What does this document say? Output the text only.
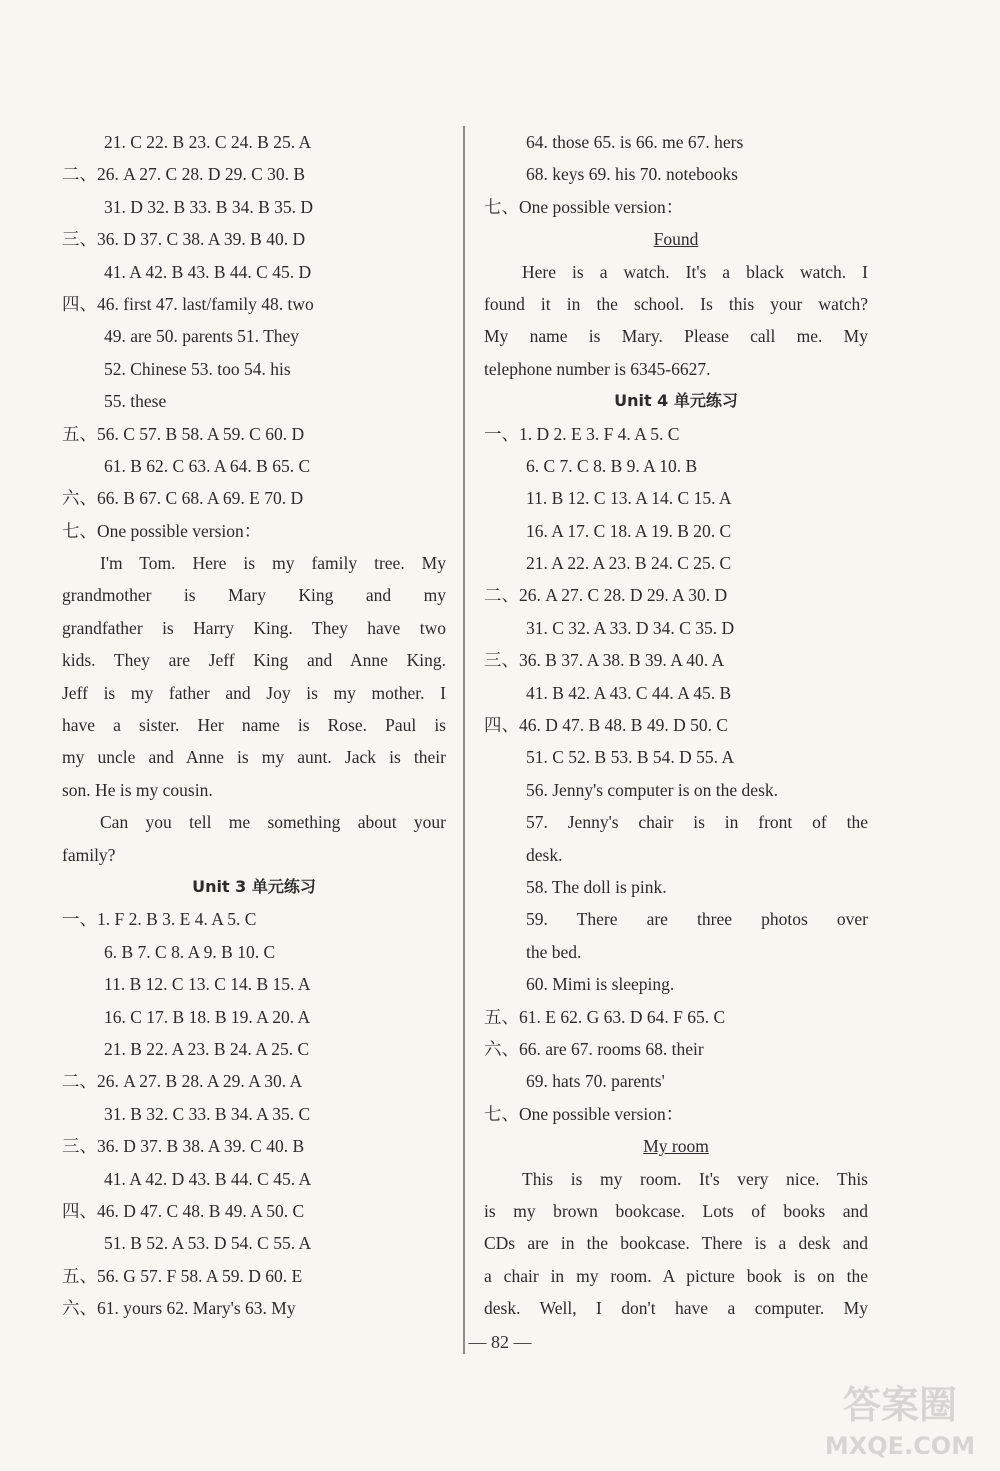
21. C 22. B 23. C 24. B 25. A
二、26. A 27. C 28. D 29. C 30. B
31. D 32. B 33. B 34. B 35. D
三、36. D 37. C 38. A 39. B 40. D
41. A 42. B 43. B 44. C 45. D
四、46. first 47. last/family 48. two
49. are 50. parents 51. They
52. Chinese 53. too 54. his
55. these
五、56. C 57. B 58. A 59. C 60. D
61. B 62. C 63. A 64. B 65. C
六、66. B 67. C 68. A 69. E 70. D
七、One possible version：
I'm Tom. Here is my family tree. My
grandmother is Mary King and my
grandfather is Harry King. They have two
kids. They are Jeff King and Anne King.
Jeff is my father and Joy is my mother. I
have a sister. Her name is Rose. Paul is
my uncle and Anne is my aunt. Jack is their
son. He is my cousin.
Can you tell me something about your
family?
Unit 3 单元练习
一、1. F 2. B 3. E 4. A 5. C
6. B 7. C 8. A 9. B 10. C
11. B 12. C 13. C 14. B 15. A
16. C 17. B 18. B 19. A 20. A
21. B 22. A 23. B 24. A 25. C
二、26. A 27. B 28. A 29. A 30. A
31. B 32. C 33. B 34. A 35. C
三、36. D 37. B 38. A 39. C 40. B
41. A 42. D 43. B 44. C 45. A
四、46. D 47. C 48. B 49. A 50. C
51. B 52. A 53. D 54. C 55. A
五、56. G 57. F 58. A 59. D 60. E
六、61. yours 62. Mary's 63. My
64. those 65. is 66. me 67. hers
68. keys 69. his 70. notebooks
七、One possible version：
Found
Here is a watch. It's a black watch. I
found it in the school. Is this your watch?
My name is Mary. Please call me. My
telephone number is 6345-6627.
Unit 4 单元练习
一、1. D 2. E 3. F 4. A 5. C
6. C 7. C 8. B 9. A 10. B
11. B 12. C 13. A 14. C 15. A
16. A 17. C 18. A 19. B 20. C
21. A 22. A 23. B 24. C 25. C
二、26. A 27. C 28. D 29. A 30. D
31. C 32. A 33. D 34. C 35. D
三、36. B 37. A 38. B 39. A 40. A
41. B 42. A 43. C 44. A 45. B
四、46. D 47. B 48. B 49. D 50. C
51. C 52. B 53. B 54. D 55. A
56. Jenny's computer is on the desk.
57. Jenny's chair is in front of the
desk.
58. The doll is pink.
59. There are three photos over
the bed.
60. Mimi is sleeping.
五、61. E 62. G 63. D 64. F 65. C
六、66. are 67. rooms 68. their
69. hats 70. parents'
七、One possible version：
My room
This is my room. It's very nice. This
is my brown bookcase. Lots of books and
CDs are in the bookcase. There is a desk and
a chair in my room. A picture book is on the
desk. Well, I don't have a computer. My
— 82 —
答案圈
MXQE.COM
